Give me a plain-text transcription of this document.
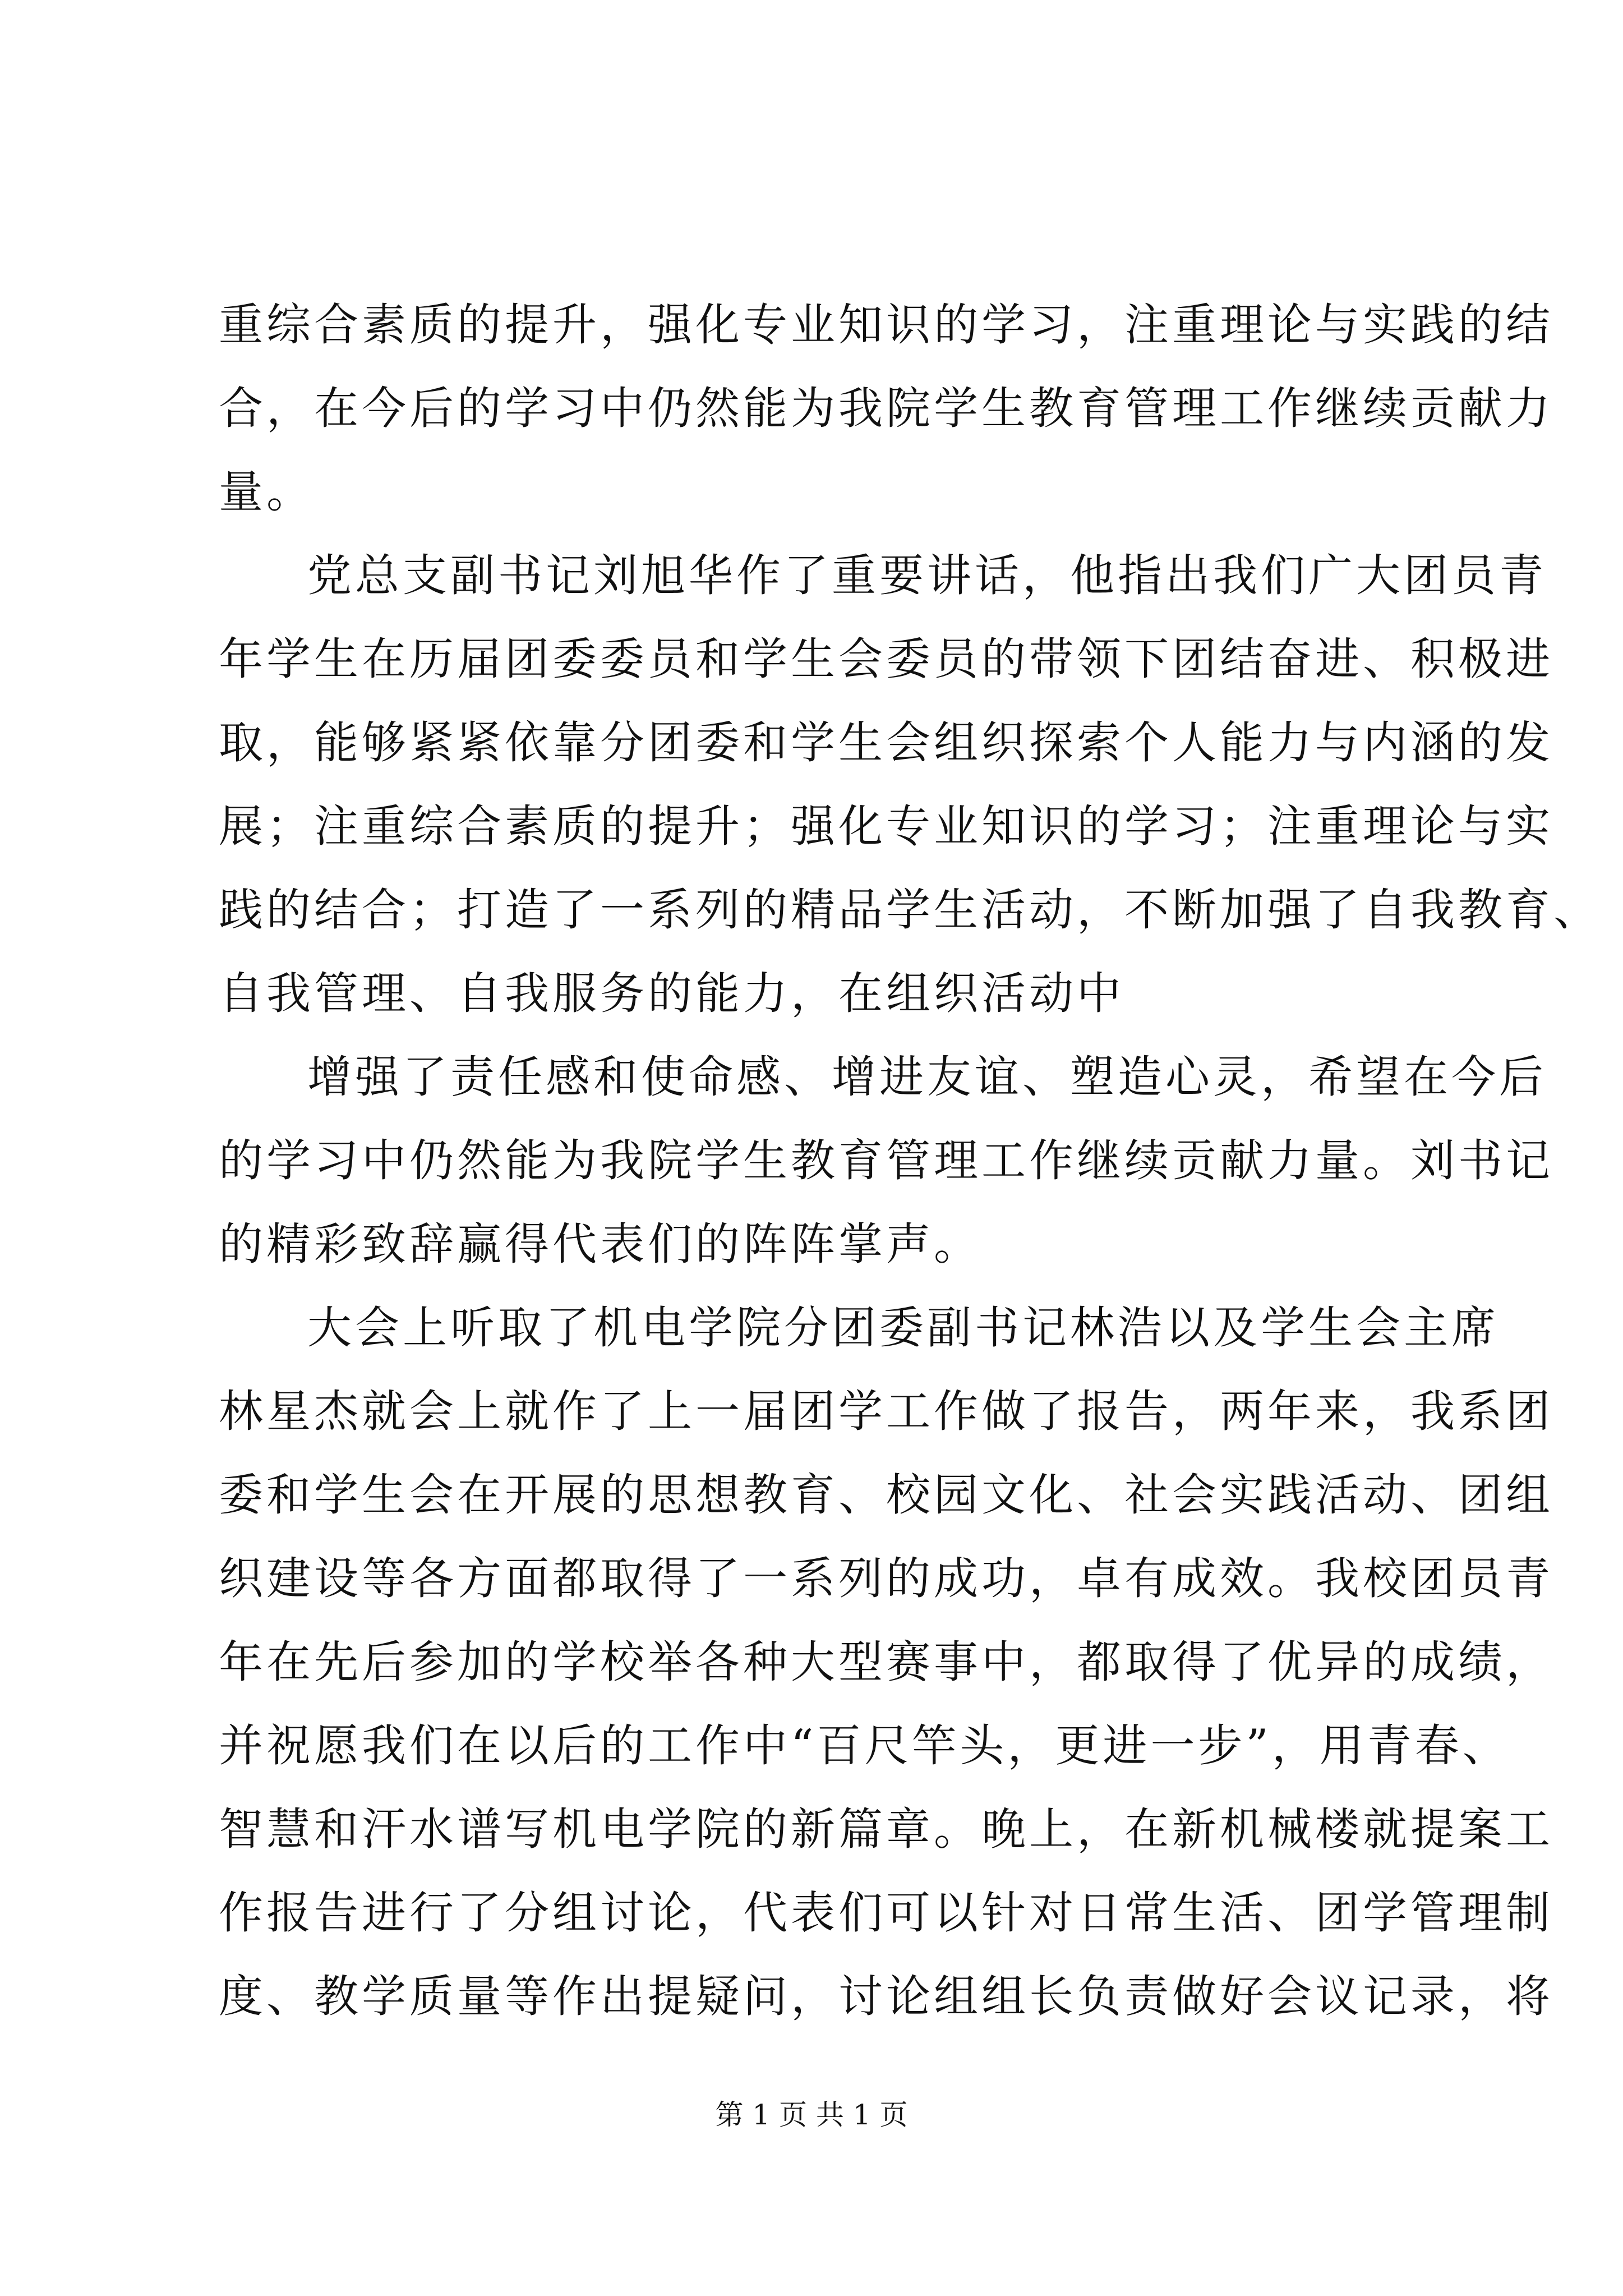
重综合素质的提升，强化专业知识的学习，注重理论与实践的结
合，在今后的学习中仍然能为我院学生教育管理工作继续贡献力
量。
党总支副书记刘旭华作了重要讲话，他指出我们广大团员青
年学生在历届团委委员和学生会委员的带领下团结奋进、积极进
取，能够紧紧依靠分团委和学生会组织探索个人能力与内涵的发
展；注重综合素质的提升；强化专业知识的学习；注重理论与实
践的结合；打造了一系列的精品学生活动，不断加强了自我教育、
自我管理、自我服务的能力，在组织活动中
增强了责任感和使命感、增进友谊、塑造心灵，希望在今后
的学习中仍然能为我院学生教育管理工作继续贡献力量。刘书记
的精彩致辞赢得代表们的阵阵掌声。
大会上听取了机电学院分团委副书记林浩以及学生会主席
林星杰就会上就作了上一届团学工作做了报告，两年来，我系团
委和学生会在开展的思想教育、校园文化、社会实践活动、团组
织建设等各方面都取得了一系列的成功，卓有成效。我校团员青
年在先后参加的学校举各种大型赛事中，都取得了优异的成绩，
并祝愿我们在以后的工作中“百尺竿头，更进一步”，用青春、
智慧和汗水谱写机电学院的新篇章。晚上，在新机械楼就提案工
作报告进行了分组讨论，代表们可以针对日常生活、团学管理制
度、教学质量等作出提疑问，讨论组组长负责做好会议记录，将
第 1 页 共 1 页
